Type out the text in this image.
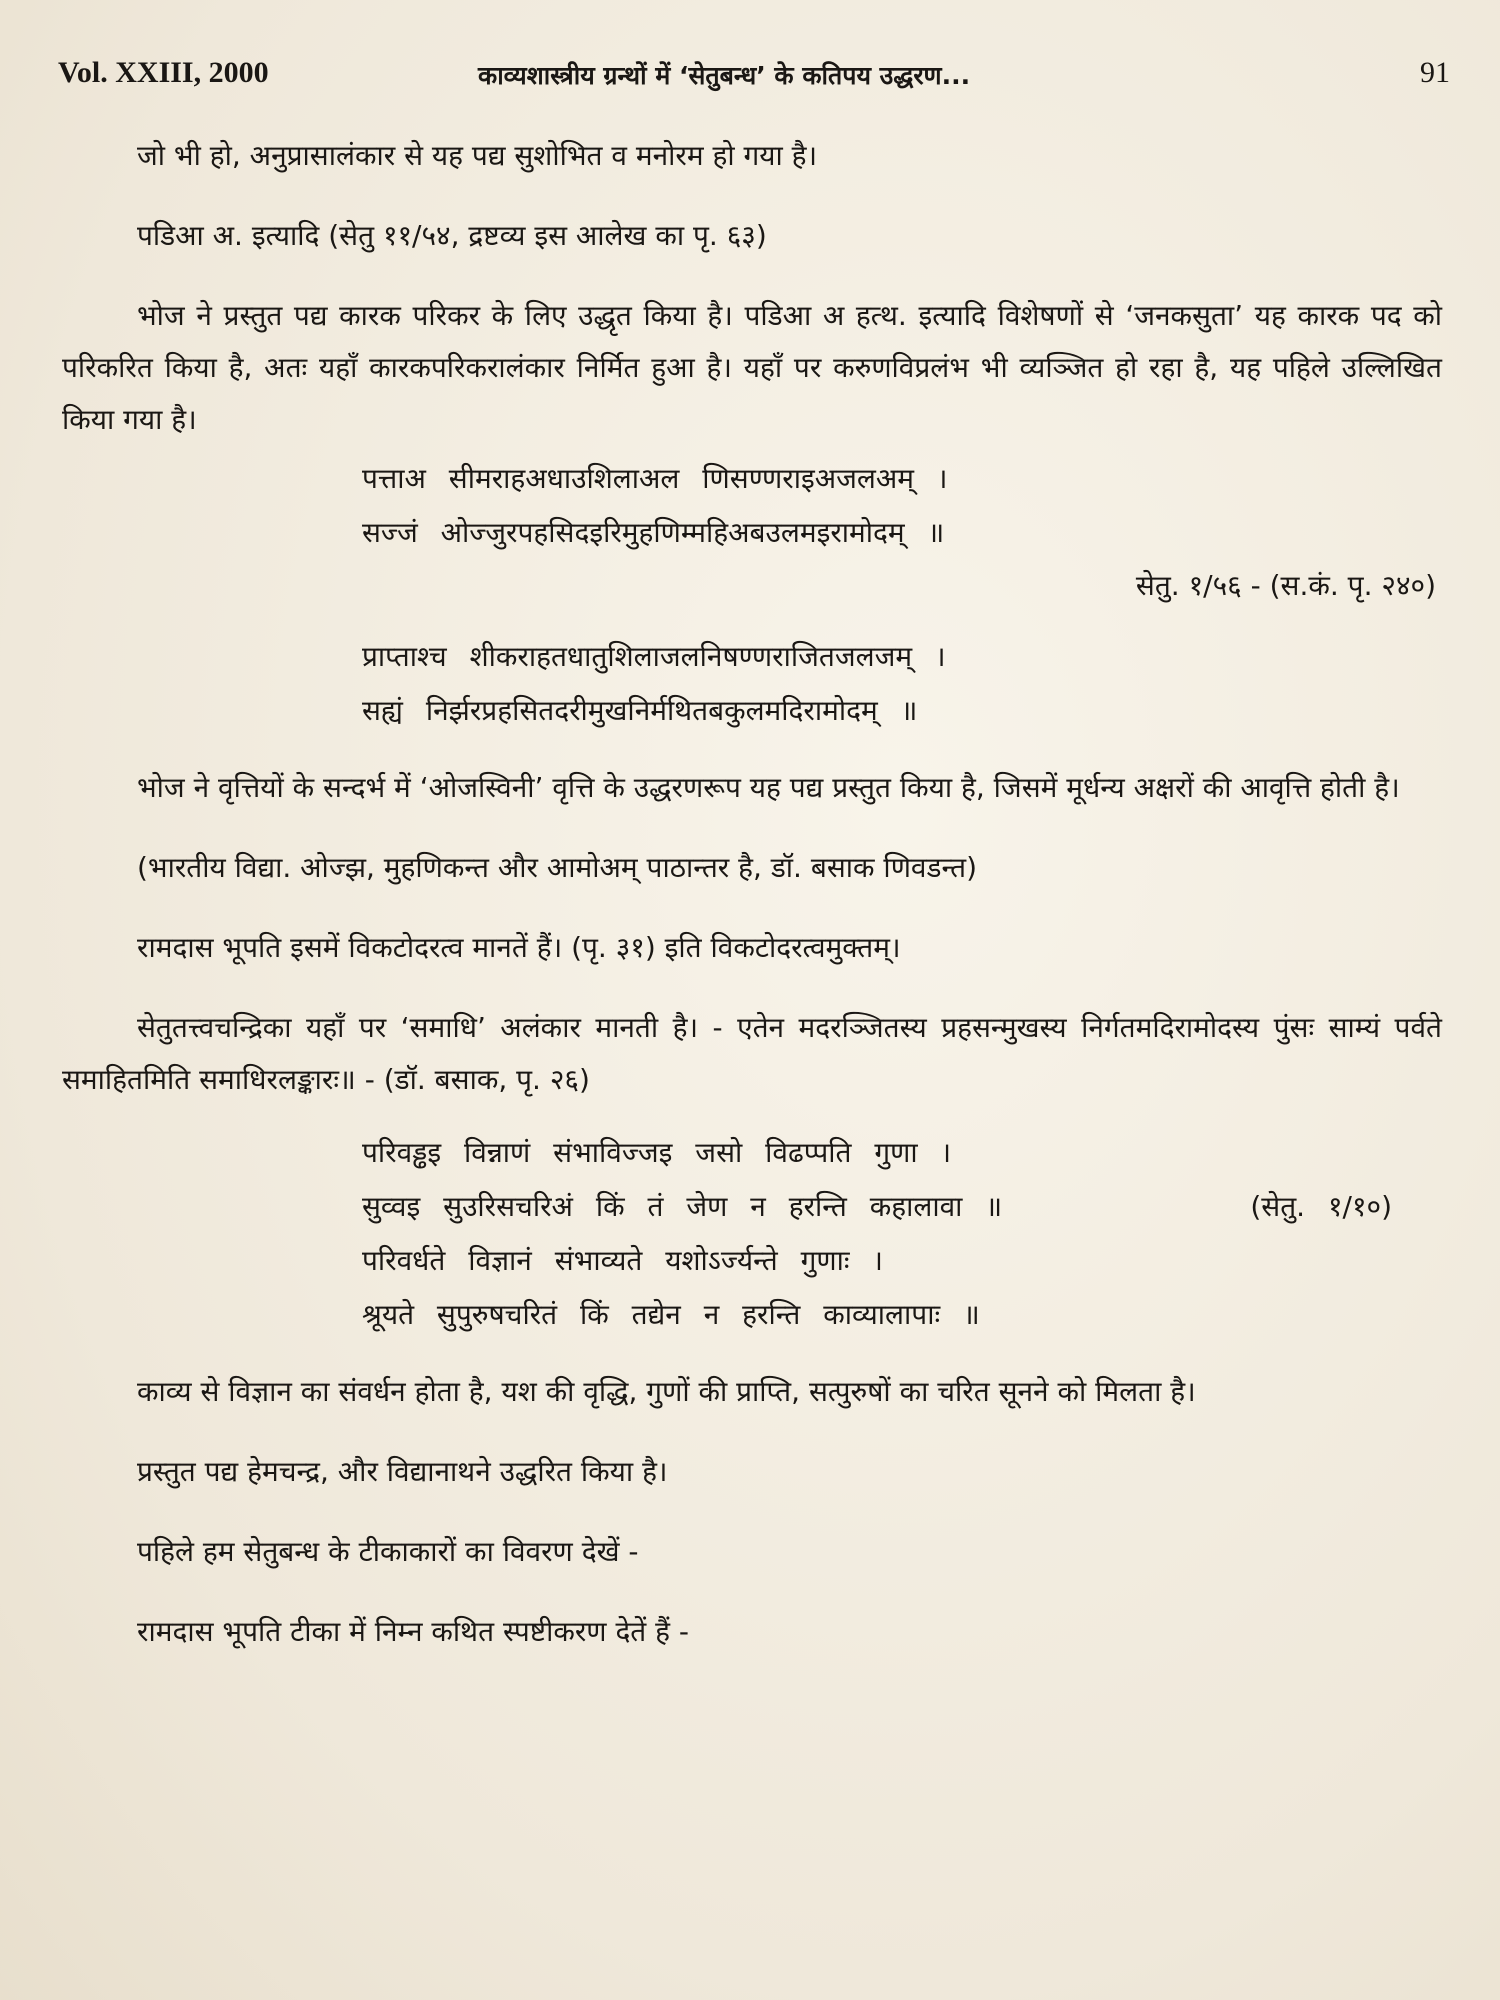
Vol. XXIII, 2000	काव्यशास्त्रीय ग्रन्थों में ‘सेतुबन्ध’ के कतिपय उद्धरण...	91

जो भी हो, अनुप्रासालंकार से यह पद्य सुशोभित व मनोरम हो गया है।

पडिआ अ. इत्यादि (सेतु ११/५४, द्रष्टव्य इस आलेख का पृ. ६३)

भोज ने प्रस्तुत पद्य कारक परिकर के लिए उद्धृत किया है। पडिआ अ हत्थ. इत्यादि विशेषणों से ‘जनकसुता’ यह कारक पद को परिकरित किया है, अतः यहाँ कारकपरिकरालंकार निर्मित हुआ है। यहाँ पर करुणविप्रलंभ भी व्यञ्जित हो रहा है, यह पहिले उल्लिखित किया गया है।

पत्ताअ सीमराहअधाउशिलाअल णिसण्णराइअजलअम् ।
सज्जं ओज्जुरपहसिदइरिमुहणिम्महिअबउलमइरामोदम् ॥
सेतु. १/५६ - (स.कं. पृ. २४०)
प्राप्ताश्च शीकराहतधातुशिलाजलनिषण्णराजितजलजम् ।
सह्यं निर्झरप्रहसितदरीमुखनिर्मथितबकुलमदिरामोदम् ॥

भोज ने वृत्तियों के सन्दर्भ में ‘ओजस्विनी’ वृत्ति के उद्धरणरूप यह पद्य प्रस्तुत किया है, जिसमें मूर्धन्य अक्षरों की आवृत्ति होती है।

(भारतीय विद्या. ओज्झ, मुहणिकन्त और आमोअम् पाठान्तर है, डॉ. बसाक णिवडन्त)

रामदास भूपति इसमें विकटोदरत्व मानतें हैं। (पृ. ३१) इति विकटोदरत्वमुक्तम्।

सेतुतत्त्वचन्द्रिका यहाँ पर ‘समाधि’ अलंकार मानती है। - एतेन मदरञ्जितस्य प्रहसन्मुखस्य निर्गतमदिरामोदस्य पुंसः साम्यं पर्वते समाहितमिति समाधिरलङ्कारः॥ - (डॉ. बसाक, पृ. २६)

परिवड्ढइ विन्नाणं संभाविज्जइ जसो विढप्पति गुणा ।
सुव्वइ सुउरिसचरिअं किं तं जेण न हरन्ति कहालावा ॥	(सेतु. १/१०)
परिवर्धते विज्ञानं संभाव्यते यशोऽर्ज्यन्ते गुणाः ।
श्रूयते सुपुरुषचरितं किं तद्येन न हरन्ति काव्यालापाः ॥

काव्य से विज्ञान का संवर्धन होता है, यश की वृद्धि, गुणों की प्राप्ति, सत्पुरुषों का चरित सूनने को मिलता है।

प्रस्तुत पद्य हेमचन्द्र, और विद्यानाथने उद्धरित किया है।

पहिले हम सेतुबन्ध के टीकाकारों का विवरण देखें -

रामदास भूपति टीका में निम्न कथित स्पष्टीकरण देतें हैं -
